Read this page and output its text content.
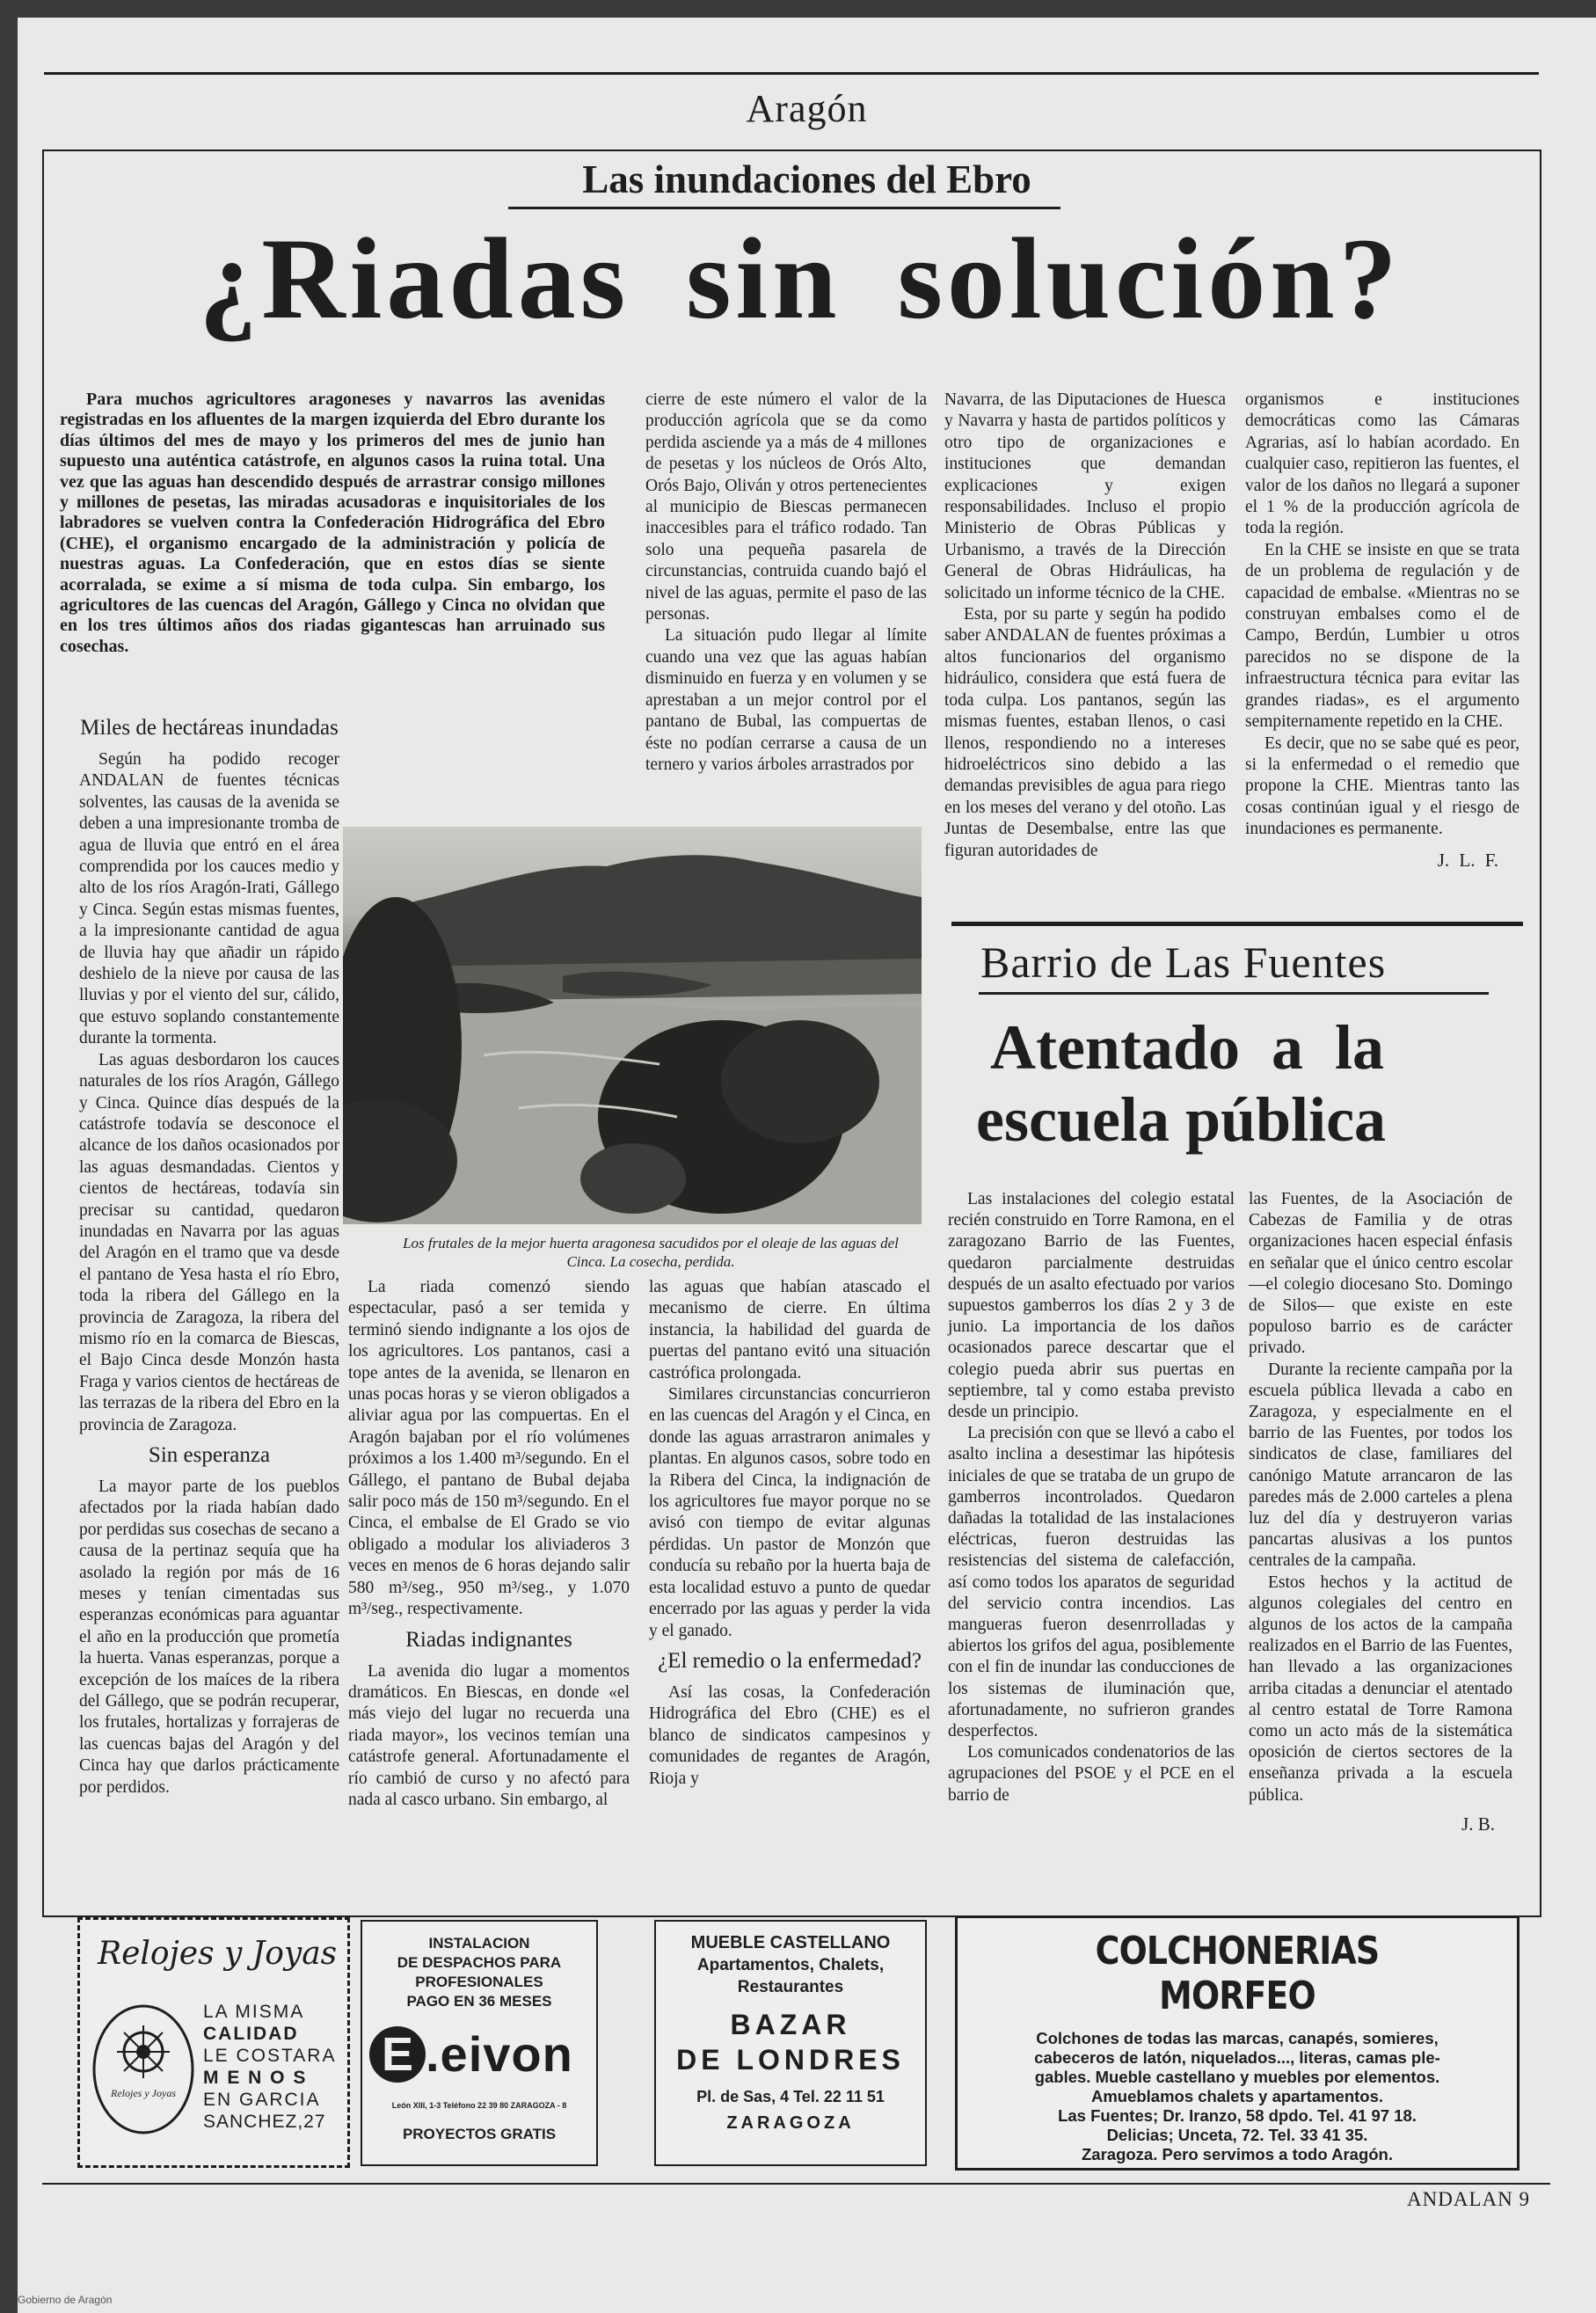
Aragón
Las inundaciones del Ebro
¿Riadas sin solución?
Para muchos agricultores aragoneses y navarros las avenidas registradas en los afluentes de la margen izquierda del Ebro durante los días últimos del mes de mayo y los primeros del mes de junio han supuesto una auténtica catástrofe, en algunos casos la ruina total. Una vez que las aguas han descendido después de arrastrar consigo millones y millones de pesetas, las miradas acusadoras e inquisitoriales de los labradores se vuelven contra la Confederación Hidrográfica del Ebro (CHE), el organismo encargado de la administración y policía de nuestras aguas. La Confederación, que en estos días se siente acorralada, se exime a sí misma de toda culpa. Sin embargo, los agricultores de las cuencas del Aragón, Gállego y Cinca no olvidan que en los tres últimos años dos riadas gigantescas han arruinado sus cosechas.
Miles de hectáreas inundadas

Según ha podido recoger ANDALAN de fuentes técnicas solventes, las causas de la avenida se deben a una impresionante tromba de agua de lluvia que entró en el área comprendida por los cauces medio y alto de los ríos Aragón-Irati, Gállego y Cinca. Según estas mismas fuentes, a la impresionante cantidad de agua de lluvia hay que añadir un rápido deshielo de la nieve por causa de las lluvias y por el viento del sur, cálido, que estuvo soplando constantemente durante la tormenta.

Las aguas desbordaron los cauces naturales de los ríos Aragón, Gállego y Cinca. Quince días después de la catástrofe todavía se desconoce el alcance de los daños ocasionados por las aguas desmandadas. Cientos y cientos de hectáreas, todavía sin precisar su cantidad, quedaron inundadas en Navarra por las aguas del Aragón en el tramo que va desde el pantano de Yesa hasta el río Ebro, toda la ribera del Gállego en la provincia de Zaragoza, la ribera del mismo río en la comarca de Biescas, el Bajo Cinca desde Monzón hasta Fraga y varios cientos de hectáreas de las terrazas de la ribera del Ebro en la provincia de Zaragoza.

Sin esperanza

La mayor parte de los pueblos afectados por la riada habían dado por perdidas sus cosechas de secano a causa de la pertinaz sequía que ha asolado la región por más de 16 meses y tenían cimentadas sus esperanzas económicas para aguantar el año en la producción que prometía la huerta. Vanas esperanzas, porque a excepción de los maíces de la ribera del Gállego, que se podrán recuperar, los frutales, hortalizas y forrajeras de las cuencas bajas del Aragón y del Cinca hay que darlos prácticamente por perdidos.

Los frutales de la mejor huerta aragonesa sacudidos por el oleaje de las aguas del Cinca. La cosecha, perdida.

La riada comenzó siendo espectacular, pasó a ser temida y terminó siendo indignante a los ojos de los agricultores. Los pantanos, casi a tope antes de la avenida, se llenaron en unas pocas horas y se vieron obligados a aliviar agua por las compuertas. En el Aragón bajaban por el río volúmenes próximos a los 1.400 m³/segundo. En el Gállego, el pantano de Bubal dejaba salir poco más de 150 m³/segundo. En el Cinca, el embalse de El Grado se vio obligado a modular los aliviaderos 3 veces en menos de 6 horas dejando salir 580 m³/seg., 950 m³/seg., y 1.070 m³/seg., respectivamente.

Riadas indignantes

La avenida dio lugar a momentos dramáticos. En Biescas, en donde «el más viejo del lugar no recuerda una riada mayor», los vecinos temían una catástrofe general. Afortunadamente el río cambió de curso y no afectó para nada al casco urbano. Sin embargo, al

cierre de este número el valor de la producción agrícola que se da como perdida asciende ya a más de 4 millones de pesetas y los núcleos de Orós Alto, Orós Bajo, Oliván y otros pertenecientes al municipio de Biescas permanecen inaccesibles para el tráfico rodado. Tan solo una pequeña pasarela de circunstancias, contruida cuando bajó el nivel de las aguas, permite el paso de las personas.

La situación pudo llegar al límite cuando una vez que las aguas habían disminuido en fuerza y en volumen y se aprestaban a un mejor control por el pantano de Bubal, las compuertas de éste no podían cerrarse a causa de un ternero y varios árboles arrastrados por

las aguas que habían atascado el mecanismo de cierre. En última instancia, la habilidad del guarda de puertas del pantano evitó una situación castrófica prolongada.

Similares circunstancias concurrieron en las cuencas del Aragón y el Cinca, en donde las aguas arrastraron animales y plantas. En algunos casos, sobre todo en la Ribera del Cinca, la indignación de los agricultores fue mayor porque no se avisó con tiempo de evitar algunas pérdidas. Un pastor de Monzón que conducía su rebaño por la huerta baja de esta localidad estuvo a punto de quedar encerrado por las aguas y perder la vida y el ganado.

¿El remedio o la enfermedad?

Así las cosas, la Confederación Hidrográfica del Ebro (CHE) es el blanco de sindicatos campesinos y comunidades de regantes de Aragón, Rioja y

Navarra, de las Diputaciones de Huesca y Navarra y hasta de partidos políticos y otro tipo de organizaciones e instituciones que demandan explicaciones y exigen responsabilidades. Incluso el propio Ministerio de Obras Públicas y Urbanismo, a través de la Dirección General de Obras Hidráulicas, ha solicitado un informe técnico de la CHE.

Esta, por su parte y según ha podido saber ANDALAN de fuentes próximas a altos funcionarios del organismo hidráulico, considera que está fuera de toda culpa. Los pantanos, según las mismas fuentes, estaban llenos, o casi llenos, respondiendo no a intereses hidroeléctricos sino debido a las demandas previsibles de agua para riego en los meses del verano y del otoño. Las Juntas de Desembalse, entre las que figuran autoridades de

organismos e instituciones democráticas como las Cámaras Agrarias, así lo habían acordado. En cualquier caso, repitieron las fuentes, el valor de los daños no llegará a suponer el 1 % de la producción agrícola de toda la región.

En la CHE se insiste en que se trata de un problema de regulación y de capacidad de embalse. «Mientras no se construyan embalses como el de Campo, Berdún, Lumbier u otros parecidos no se dispone de la infraestructura técnica para evitar las grandes riadas», es el argumento sempiternamente repetido en la CHE.

Es decir, que no se sabe qué es peor, si la enfermedad o el remedio que propone la CHE. Mientras tanto las cosas continúan igual y el riesgo de inundaciones es permanente.

J. L. F.
Barrio de Las Fuentes
Atentado a la
escuela pública

Las instalaciones del colegio estatal recién construido en Torre Ramona, en el zaragozano Barrio de las Fuentes, quedaron parcialmente destruidas después de un asalto efectuado por varios supuestos gamberros los días 2 y 3 de junio. La importancia de los daños ocasionados parece descartar que el colegio pueda abrir sus puertas en septiembre, tal y como estaba previsto desde un principio.

La precisión con que se llevó a cabo el asalto inclina a desestimar las hipótesis iniciales de que se trataba de un grupo de gamberros incontrolados. Quedaron dañadas la totalidad de las instalaciones eléctricas, fueron destruidas las resistencias del sistema de calefacción, así como todos los aparatos de seguridad del servicio contra incendios. Las mangueras fueron desenrrolladas y abiertos los grifos del agua, posiblemente con el fin de inundar las conducciones de los sistemas de iluminación que, afortunadamente, no sufrieron grandes desperfectos.

Los comunicados condenatorios de las agrupaciones del PSOE y el PCE en el barrio de

las Fuentes, de la Asociación de Cabezas de Familia y de otras organizaciones hacen especial énfasis en señalar que el único centro escolar —el colegio diocesano Sto. Domingo de Silos— que existe en este populoso barrio es de carácter privado.

Durante la reciente campaña por la escuela pública llevada a cabo en Zaragoza, y especialmente en el barrio de las Fuentes, por todos los sindicatos de clase, familiares del canónigo Matute arrancaron de las paredes más de 2.000 carteles a plena luz del día y destruyeron varias pancartas alusivas a los puntos centrales de la campaña.

Estos hechos y la actitud de algunos colegiales del centro en algunos de los actos de la campaña realizados en el Barrio de las Fuentes, han llevado a las organizaciones arriba citadas a denunciar el atentado al centro estatal de Torre Ramona como un acto más de la sistemática oposición de ciertos sectores de la enseñanza privada a la escuela pública.

J. B.
Relojes y Joyas
Relojes y Joyas
LA MISMA
CALIDAD
LE COSTARA
M E N O S
EN GARCIA
SANCHEZ,27
INSTALACION
DE DESPACHOS PARA
PROFESIONALES
PAGO EN 36 MESES
E .eivon
León XIII, 1-3 Teléfono 22 39 80 ZARAGOZA - 8
PROYECTOS GRATIS
MUEBLE CASTELLANO
Apartamentos, Chalets,
Restaurantes
BAZAR
DE LONDRES
Pl. de Sas, 4 Tel. 22 11 51
ZARAGOZA
COLCHONERIAS MORFEO
Colchones de todas las marcas, canapés, somieres,
cabeceros de latón, niquelados..., literas, camas ple-
gables. Mueble castellano y muebles por elementos.
Amueblamos chalets y apartamentos.
Las Fuentes; Dr. Iranzo, 58 dpdo. Tel. 41 97 18.
Delicias; Unceta, 72. Tel. 33 41 35.
Zaragoza. Pero servimos a todo Aragón.
ANDALAN 9
Gobierno de Aragón
